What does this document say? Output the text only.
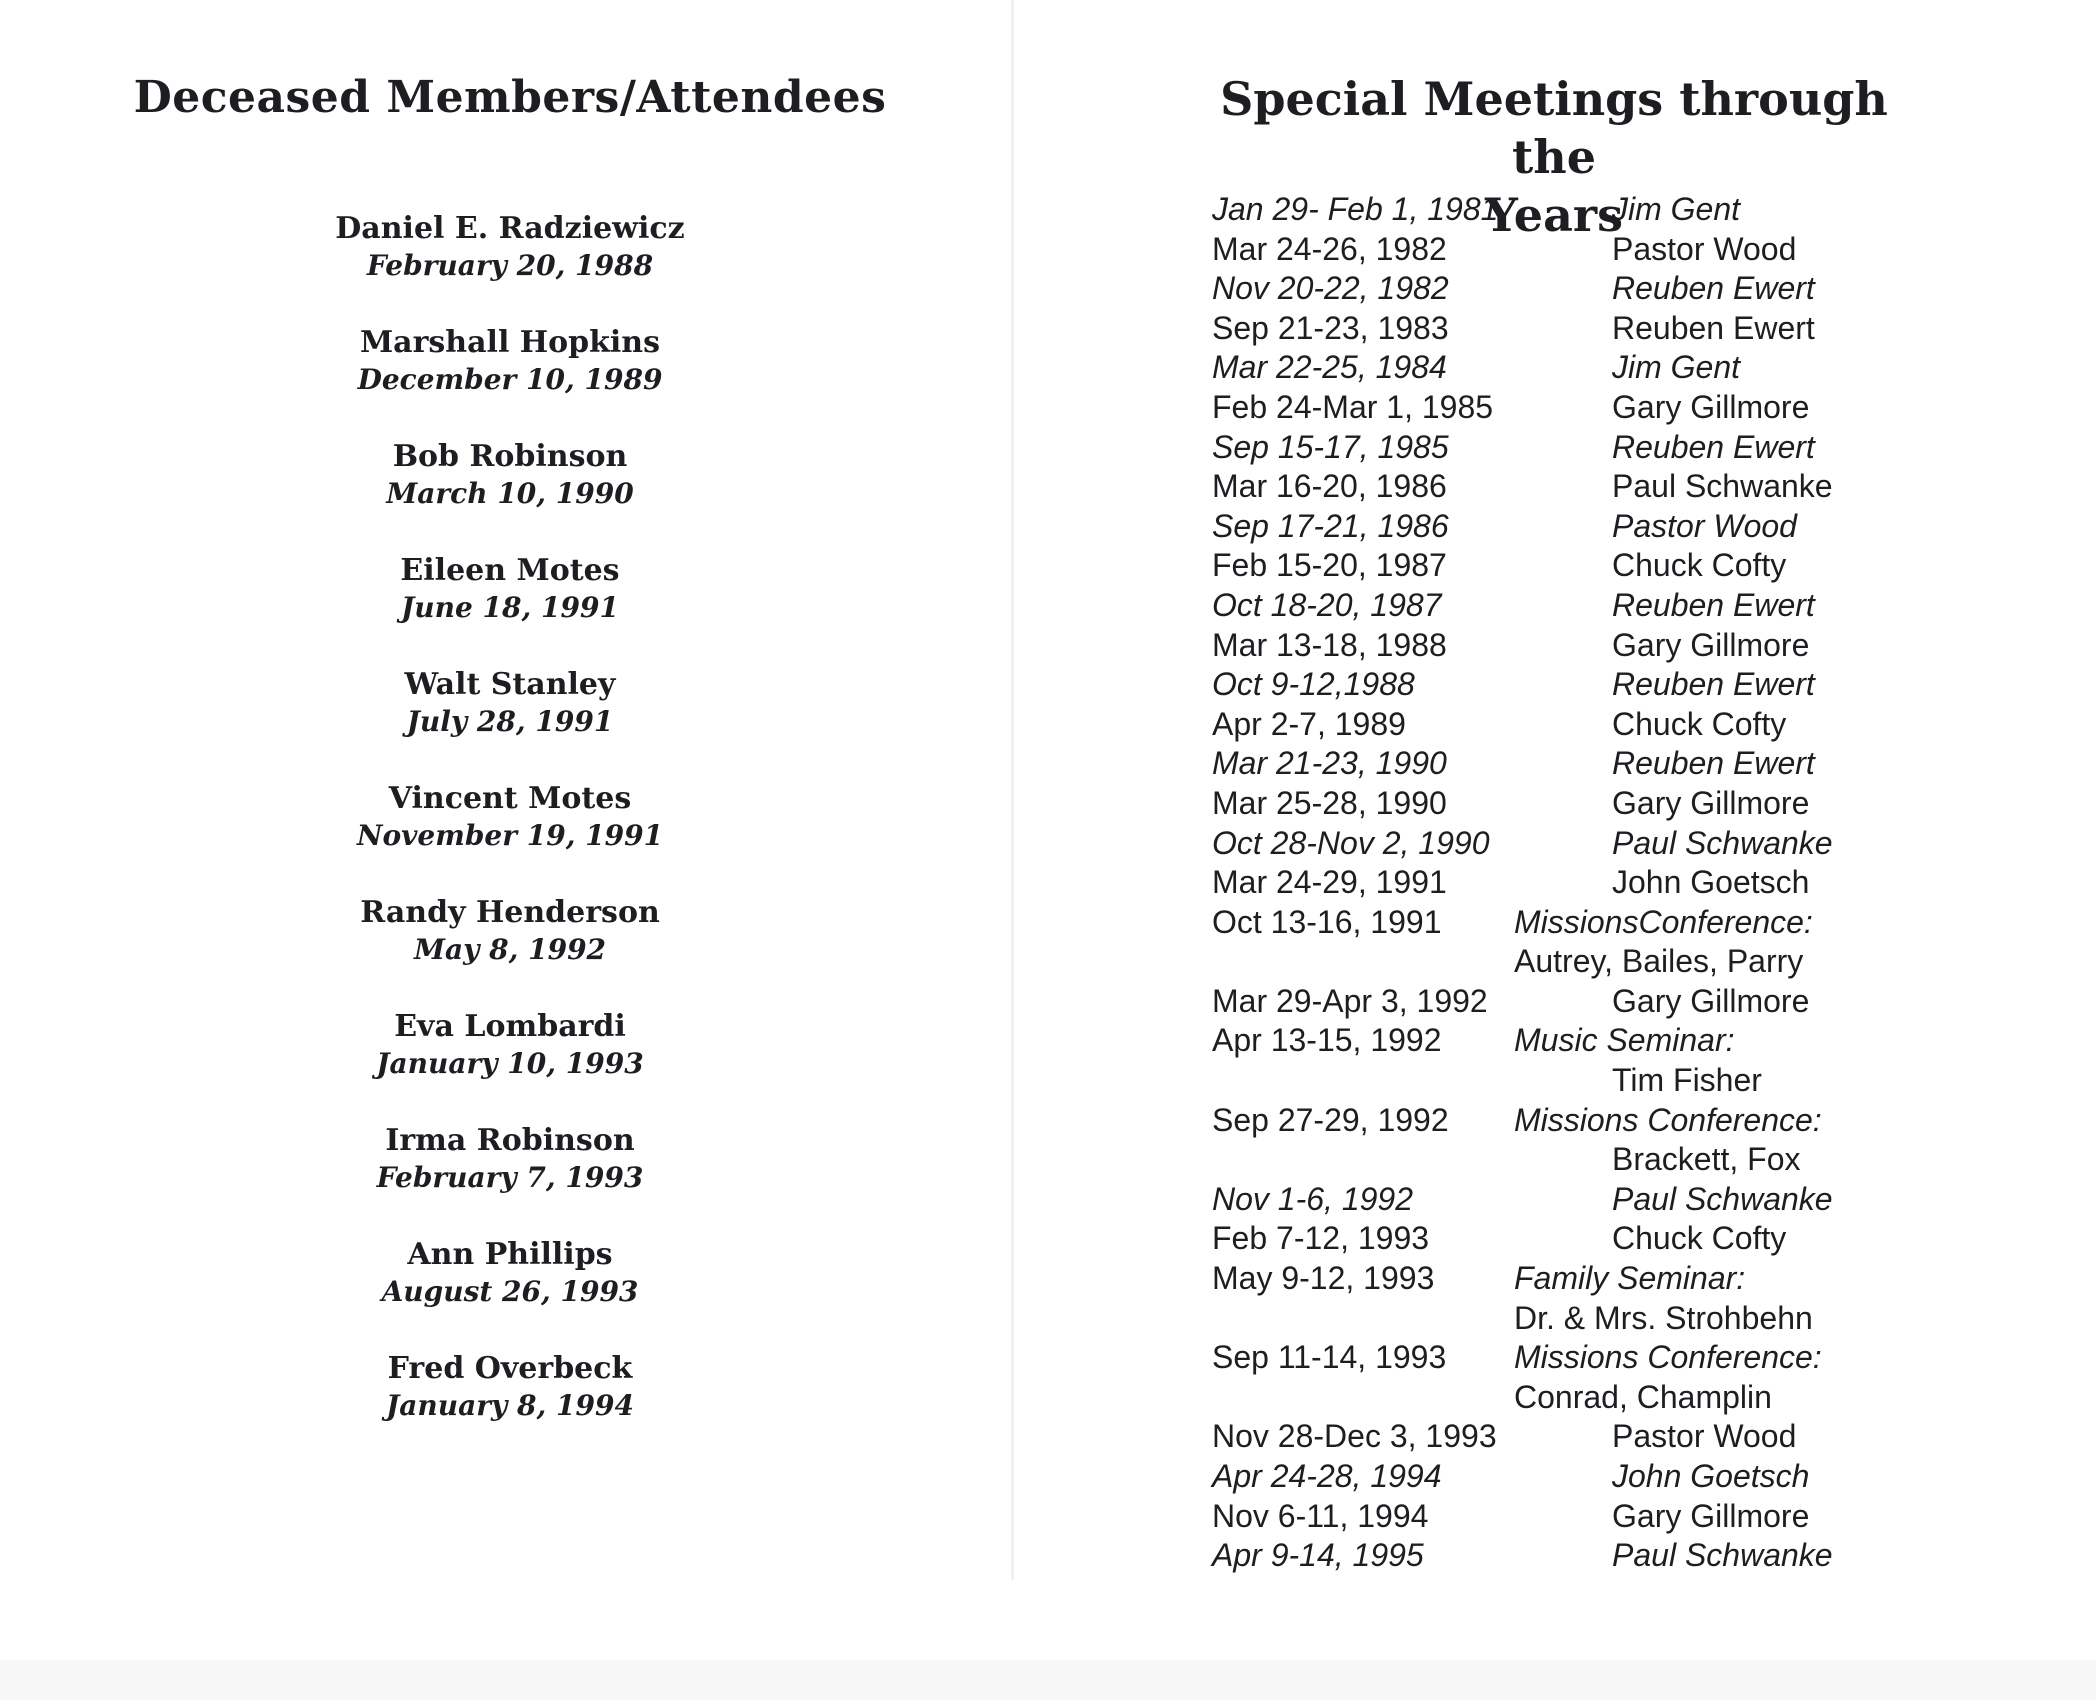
Deceased Members/Attendees
Daniel E. Radziewicz
February 20, 1988
Marshall Hopkins
December 10, 1989
Bob Robinson
March 10, 1990
Eileen Motes
June 18, 1991
Walt Stanley
July 28, 1991
Vincent Motes
November 19, 1991
Randy Henderson
May 8, 1992
Eva Lombardi
January 10, 1993
Irma Robinson
February 7, 1993
Ann Phillips
August 26, 1993
Fred Overbeck
January 8, 1994
Special Meetings through the
Years
Jan 29- Feb 1, 1981	Jim Gent
Mar 24-26, 1982	Pastor Wood
Nov 20-22, 1982	Reuben Ewert
Sep 21-23, 1983	Reuben Ewert
Mar 22-25, 1984	Jim Gent
Feb 24-Mar 1, 1985	Gary Gillmore
Sep 15-17, 1985	Reuben Ewert
Mar 16-20, 1986	Paul Schwanke
Sep 17-21, 1986	Pastor Wood
Feb 15-20, 1987	Chuck Cofty
Oct 18-20, 1987	Reuben Ewert
Mar 13-18, 1988	Gary Gillmore
Oct 9-12,1988	Reuben Ewert
Apr 2-7, 1989	Chuck Cofty
Mar 21-23, 1990	Reuben Ewert
Mar 25-28, 1990	Gary Gillmore
Oct 28-Nov 2, 1990	Paul Schwanke
Mar 24-29, 1991	John Goetsch
Oct 13-16, 1991 MissionsConference:
Autrey, Bailes, Parry
Mar 29-Apr 3, 1992	Gary Gillmore
Apr 13-15, 1992 Music Seminar:
Tim Fisher
Sep 27-29, 1992 Missions Conference:
Brackett, Fox
Nov 1-6, 1992	Paul Schwanke
Feb 7-12, 1993	Chuck Cofty
May 9-12, 1993 Family Seminar:
Dr. & Mrs. Strohbehn
Sep 11-14, 1993 Missions Conference:
Conrad, Champlin
Nov 28-Dec 3, 1993	Pastor Wood
Apr 24-28, 1994	John Goetsch
Nov 6-11, 1994	Gary Gillmore
Apr 9-14, 1995	Paul Schwanke
